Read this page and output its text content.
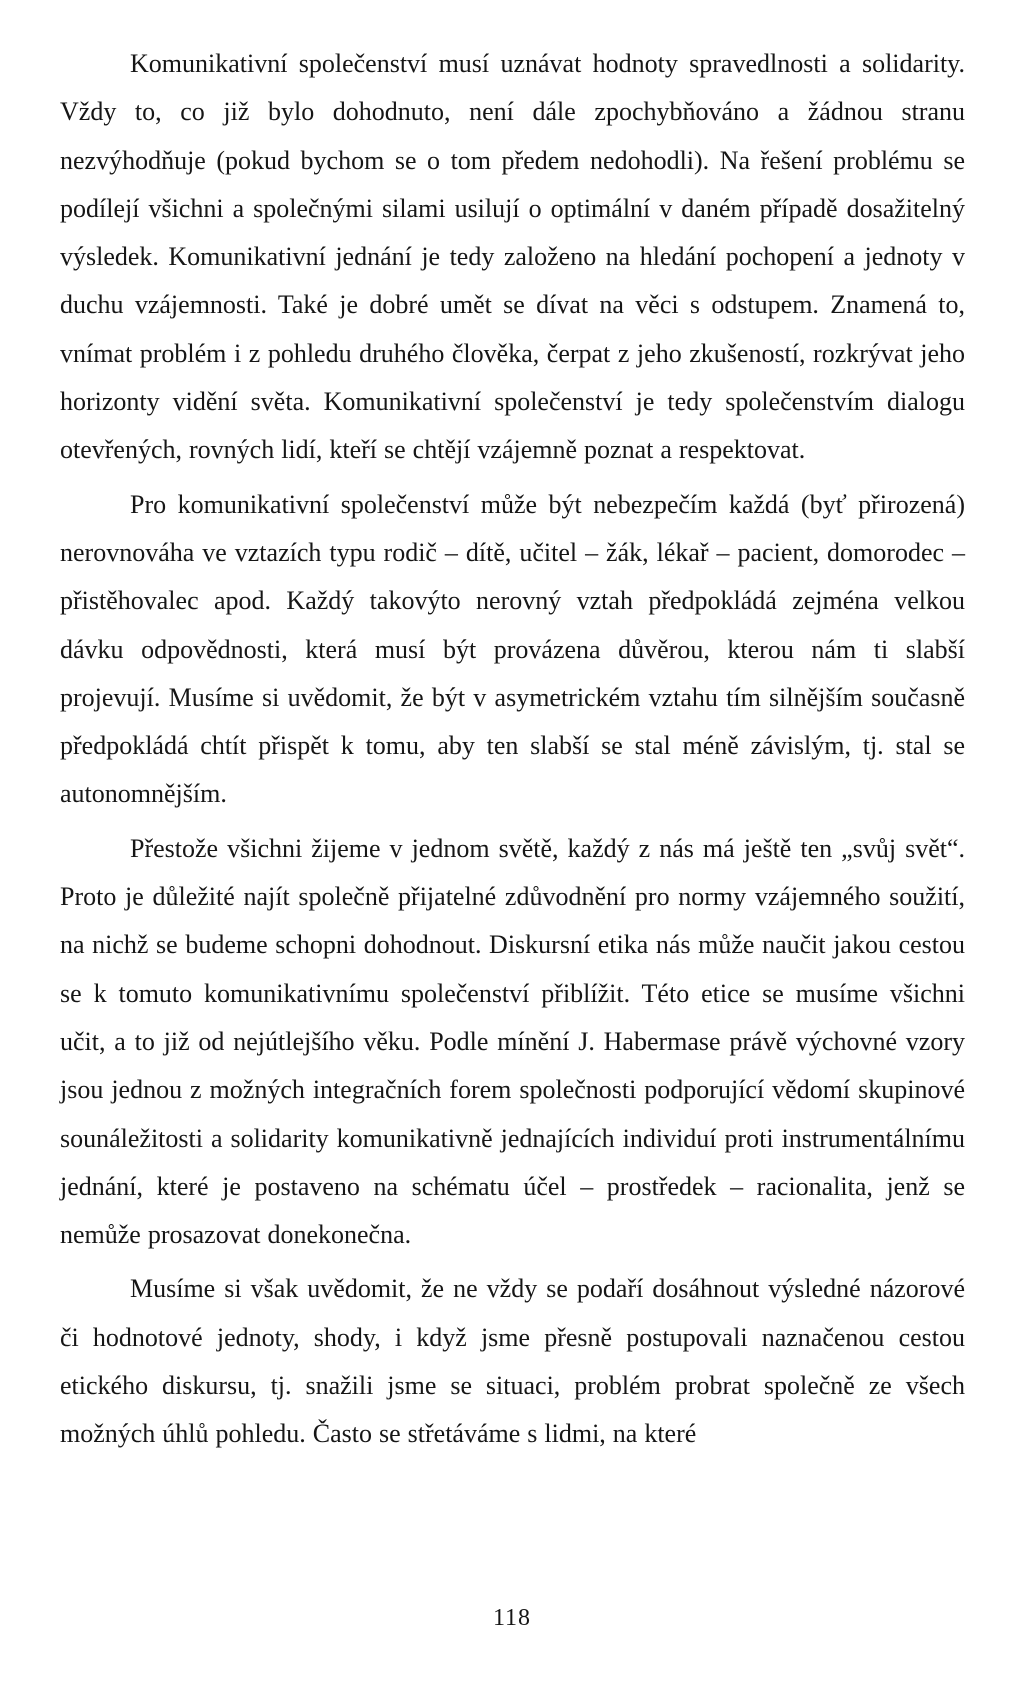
Komunikativní společenství musí uznávat hodnoty spravedlnosti a solidarity. Vždy to, co již bylo dohodnuto, není dále zpochybňováno a žádnou stranu nezvýhodňuje (pokud bychom se o tom předem nedohodli). Na řešení problému se podílejí všichni a společnými silami usilují o optimální v daném případě dosažitelný výsledek. Komunikativní jednání je tedy založeno na hledání pochopení a jednoty v duchu vzájemnosti. Také je dobré umět se dívat na věci s odstupem. Znamená to, vnímat problém i z pohledu druhého člověka, čerpat z jeho zkušeností, rozkrývat jeho horizonty vidění světa. Komunikativní společenství je tedy společenstvím dialogu otevřených, rovných lidí, kteří se chtějí vzájemně poznat a respektovat.

Pro komunikativní společenství může být nebezpečím každá (byť přirozená) nerovnováha ve vztazích typu rodič – dítě, učitel – žák, lékař – pacient, domorodec – přistěhovalec apod. Každý takovýto nerovný vztah předpokládá zejména velkou dávku odpovědnosti, která musí být provázena důvěrou, kterou nám ti slabší projevují. Musíme si uvědomit, že být v asymetrickém vztahu tím silnějším současně předpokládá chtít přispět k tomu, aby ten slabší se stal méně závislým, tj. stal se autonomnějším.

Přestože všichni žijeme v jednom světě, každý z nás má ještě ten „svůj svět“. Proto je důležité najít společně přijatelné zdůvodnění pro normy vzájemného soužití, na nichž se budeme schopni dohodnout. Diskursní etika nás může naučit jakou cestou se k tomuto komunikativnímu společenství přiblížit. Této etice se musíme všichni učit, a to již od nejútlejšího věku. Podle mínění J. Habermase právě výchovné vzory jsou jednou z možných integračních forem společnosti podporující vědomí skupinové sounáležitosti a solidarity komunikativně jednajících individuí proti instrumentálnímu jednání, které je postaveno na schématu účel – prostředek – racionalita, jenž se nemůže prosazovat donekonečna.

Musíme si však uvědomit, že ne vždy se podaří dosáhnout výsledné názorové či hodnotové jednoty, shody, i když jsme přesně postupovali naznačenou cestou etického diskursu, tj. snažili jsme se situaci, problém probrat společně ze všech možných úhlů pohledu. Často se střetáváme s lidmi, na které

118
